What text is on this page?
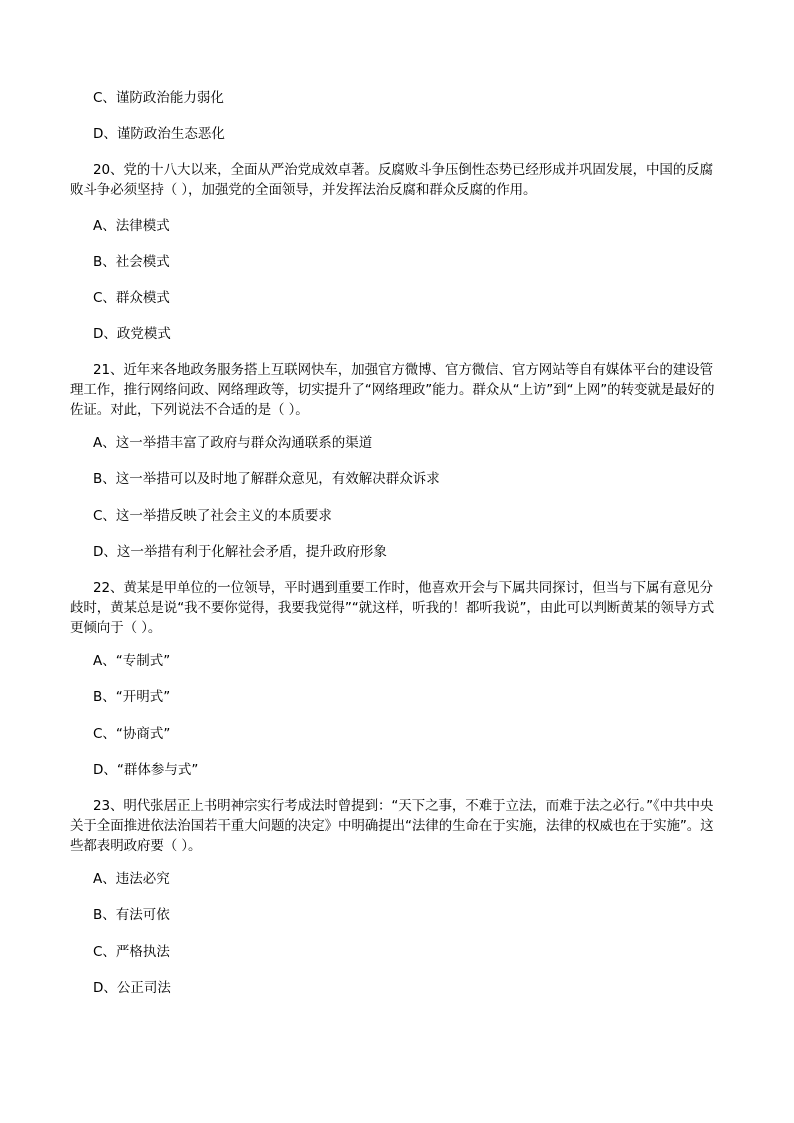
C、谨防政治能力弱化
D、谨防政治生态恶化
20、党的十八大以来，全面从严治党成效卓著。反腐败斗争压倒性态势已经形成并巩固发展，中国的反腐败斗争必须坚持（ ），加强党的全面领导，并发挥法治反腐和群众反腐的作用。
A、法律模式
B、社会模式
C、群众模式
D、政党模式
21、近年来各地政务服务搭上互联网快车，加强官方微博、官方微信、官方网站等自有媒体平台的建设管理工作，推行网络问政、网络理政等，切实提升了“网络理政”能力。群众从“上访”到“上网”的转变就是最好的佐证。对此，下列说法不合适的是（ ）。
A、这一举措丰富了政府与群众沟通联系的渠道
B、这一举措可以及时地了解群众意见，有效解决群众诉求
C、这一举措反映了社会主义的本质要求
D、这一举措有利于化解社会矛盾，提升政府形象
22、黄某是甲单位的一位领导，平时遇到重要工作时，他喜欢开会与下属共同探讨，但当与下属有意见分歧时，黄某总是说“我不要你觉得，我要我觉得”“就这样，听我的！都听我说”，由此可以判断黄某的领导方式更倾向于（ ）。
A、“专制式”
B、“开明式”
C、“协商式”
D、“群体参与式”
23、明代张居正上书明神宗实行考成法时曾提到：“天下之事，不难于立法，而难于法之必行。”《中共中央关于全面推进依法治国若干重大问题的决定》中明确提出“法律的生命在于实施，法律的权威也在于实施”。这些都表明政府要（ ）。
A、违法必究
B、有法可依
C、严格执法
D、公正司法
